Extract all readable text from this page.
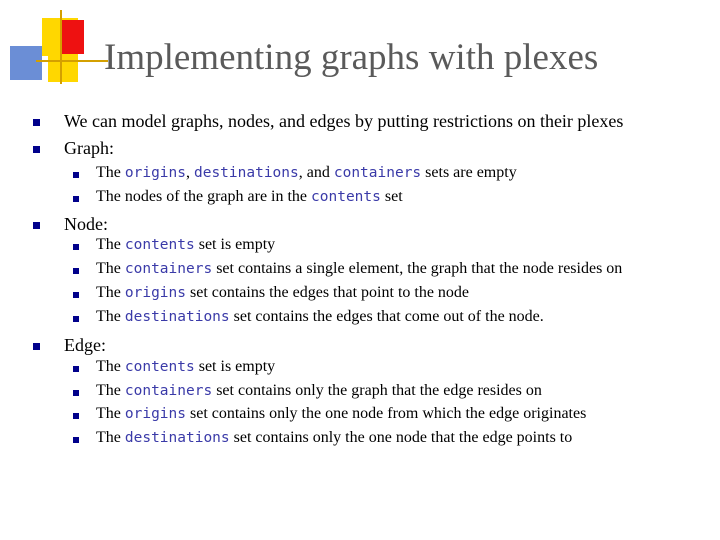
Implementing graphs with plexes
We can model graphs, nodes, and edges by putting restrictions on their plexes
Graph:
The origins, destinations, and containers sets are empty
The nodes of the graph are in the contents set
Node:
The contents set is empty
The containers set contains a single element, the graph that the node resides on
The origins set contains the edges that point to the node
The destinations set contains the edges that come out of the node.
Edge:
The contents set is empty
The containers set contains only the graph that the edge resides on
The origins set contains only the one node from which the edge originates
The destinations set contains only the one node that the edge points to
